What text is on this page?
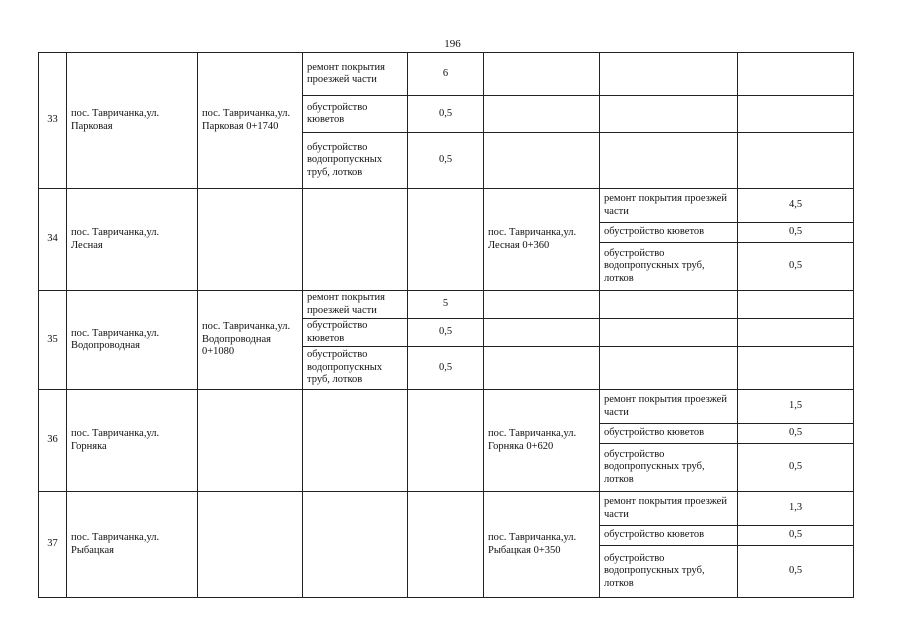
196
33	пос. Тавричанка,ул. Парковая	пос. Тавричанка,ул. Парковая 0+1740	ремонт покрытия проезжей части	6			
			обустройство кюветов	0,5			
			обустройство водопропускных труб, лотков	0,5			
34	пос. Тавричанка,ул. Лесная				пос. Тавричанка,ул. Лесная 0+360	ремонт покрытия проезжей части	4,5
						обустройство кюветов	0,5
						обустройство водопропускных труб, лотков	0,5
35	пос. Тавричанка,ул. Водопроводная	пос. Тавричанка,ул. Водопроводная 0+1080	ремонт покрытия проезжей части	5			
			обустройство кюветов	0,5			
			обустройство водопропускных труб, лотков	0,5			
36	пос. Тавричанка,ул. Горняка				пос. Тавричанка,ул. Горняка 0+620	ремонт покрытия проезжей части	1,5
						обустройство кюветов	0,5
						обустройство водопропускных труб, лотков	0,5
37	пос. Тавричанка,ул. Рыбацкая				пос. Тавричанка,ул. Рыбацкая 0+350	ремонт покрытия проезжей части	1,3
						обустройство кюветов	0,5
						обустройство водопропускных труб, лотков	0,5
